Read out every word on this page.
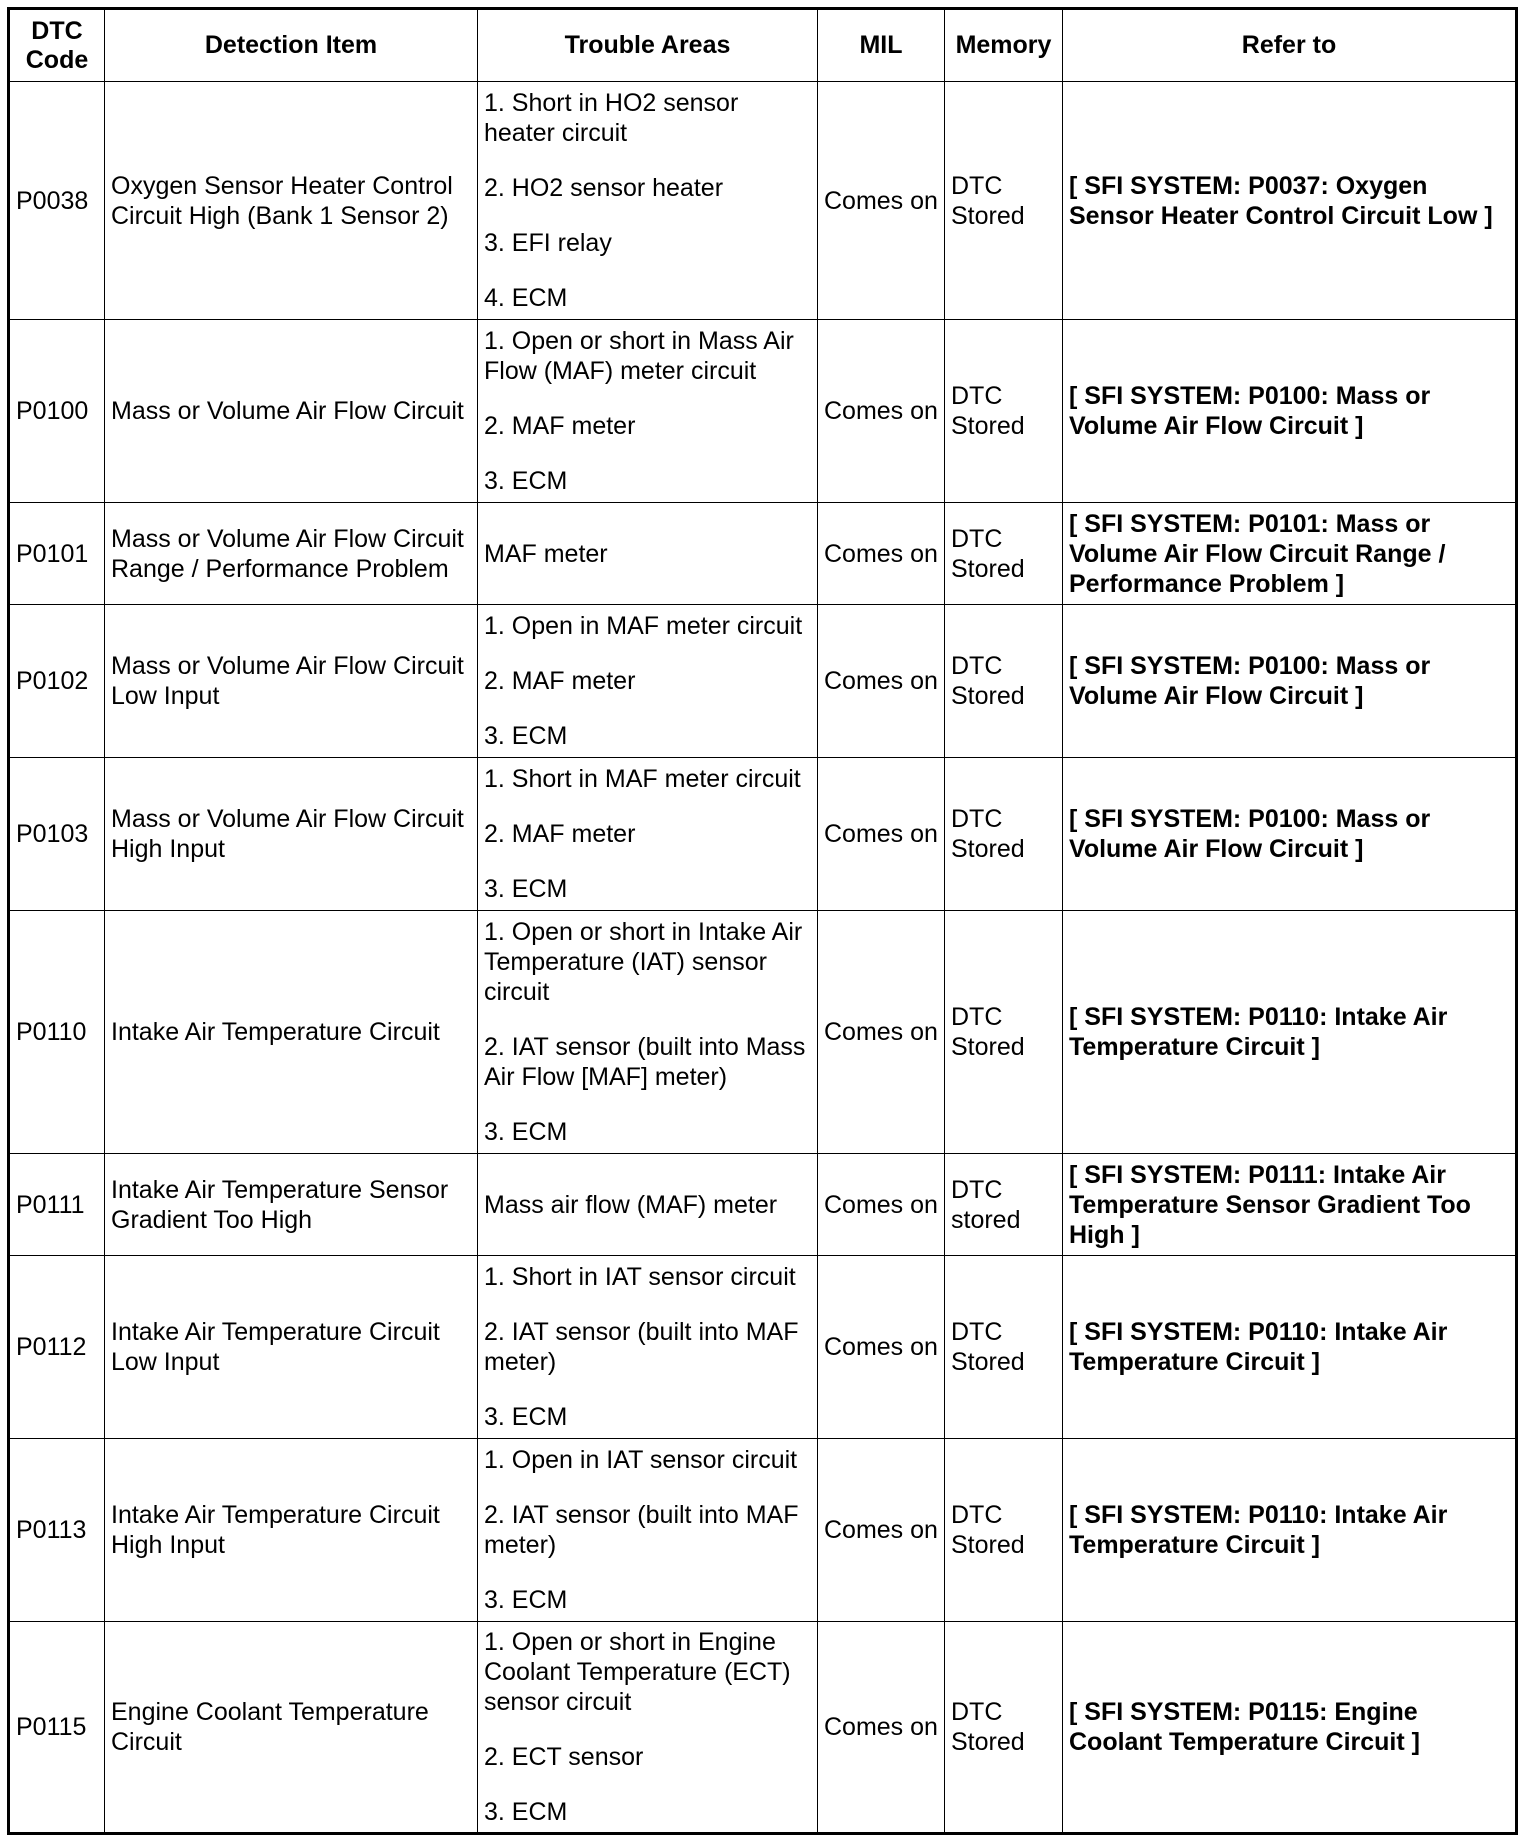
DTC Code	Detection Item	Trouble Areas	MIL	Memory	Refer to
P0038	Oxygen Sensor Heater Control Circuit High (Bank 1 Sensor 2)	1. Short in HO2 sensor heater circuit
2. HO2 sensor heater
3. EFI relay
4. ECM	Comes on	DTC Stored	[ SFI SYSTEM: P0037: Oxygen Sensor Heater Control Circuit Low ]
P0100	Mass or Volume Air Flow Circuit	1. Open or short in Mass Air Flow (MAF) meter circuit
2. MAF meter
3. ECM	Comes on	DTC Stored	[ SFI SYSTEM: P0100: Mass or Volume Air Flow Circuit ]
P0101	Mass or Volume Air Flow Circuit Range / Performance Problem	MAF meter	Comes on	DTC Stored	[ SFI SYSTEM: P0101: Mass or Volume Air Flow Circuit Range / Performance Problem ]
P0102	Mass or Volume Air Flow Circuit Low Input	1. Open in MAF meter circuit
2. MAF meter
3. ECM	Comes on	DTC Stored	[ SFI SYSTEM: P0100: Mass or Volume Air Flow Circuit ]
P0103	Mass or Volume Air Flow Circuit High Input	1. Short in MAF meter circuit
2. MAF meter
3. ECM	Comes on	DTC Stored	[ SFI SYSTEM: P0100: Mass or Volume Air Flow Circuit ]
P0110	Intake Air Temperature Circuit	1. Open or short in Intake Air Temperature (IAT) sensor circuit
2. IAT sensor (built into Mass Air Flow [MAF] meter)
3. ECM	Comes on	DTC Stored	[ SFI SYSTEM: P0110: Intake Air Temperature Circuit ]
P0111	Intake Air Temperature Sensor Gradient Too High	Mass air flow (MAF) meter	Comes on	DTC stored	[ SFI SYSTEM: P0111: Intake Air Temperature Sensor Gradient Too High ]
P0112	Intake Air Temperature Circuit Low Input	1. Short in IAT sensor circuit
2. IAT sensor (built into MAF meter)
3. ECM	Comes on	DTC Stored	[ SFI SYSTEM: P0110: Intake Air Temperature Circuit ]
P0113	Intake Air Temperature Circuit High Input	1. Open in IAT sensor circuit
2. IAT sensor (built into MAF meter)
3. ECM	Comes on	DTC Stored	[ SFI SYSTEM: P0110: Intake Air Temperature Circuit ]
P0115	Engine Coolant Temperature Circuit	1. Open or short in Engine Coolant Temperature (ECT) sensor circuit
2. ECT sensor
3. ECM	Comes on	DTC Stored	[ SFI SYSTEM: P0115: Engine Coolant Temperature Circuit ]
